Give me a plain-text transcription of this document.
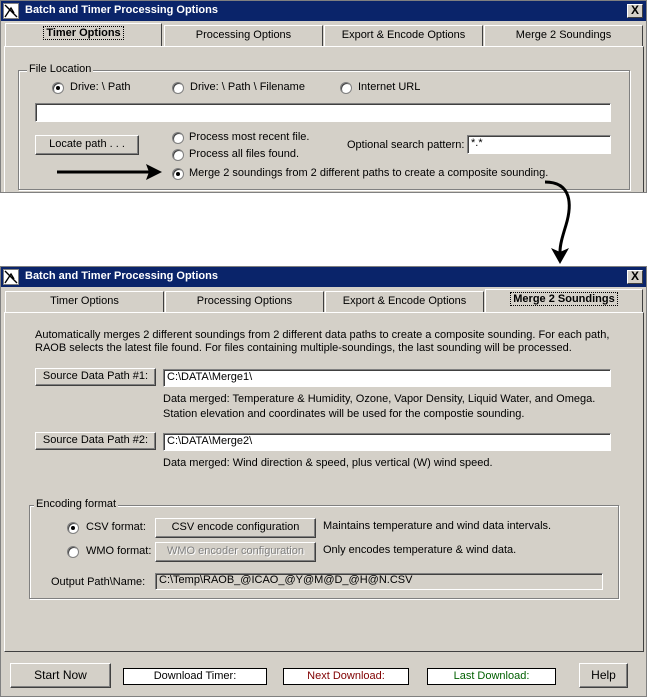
Batch and Timer Processing Options	X
Timer Options	Processing Options	Export & Encode Options	Merge 2 Soundings
File Location
Drive: \ Path	Drive: \ Path \ Filename	Internet URL
Locate path . . .
Process most recent file.
Process all files found.
Merge 2 soundings from 2 different paths to create a composite sounding.
Optional search pattern: *.*
Batch and Timer Processing Options	X
Timer Options	Processing Options	Export & Encode Options	Merge 2 Soundings
Automatically merges 2 different soundings from 2 different data paths to create a composite sounding. For each path,
RAOB selects the latest file found. For files containing multiple-soundings, the last sounding will be processed.
Source Data Path #1:	C:\DATA\Merge1\
Data merged: Temperature & Humidity, Ozone, Vapor Density, Liquid Water, and Omega.
Station elevation and coordinates will be used for the compostie sounding.
Source Data Path #2:	C:\DATA\Merge2\
Data merged: Wind direction & speed, plus vertical (W) wind speed.
Encoding format
CSV format:	CSV encode configuration	Maintains temperature and wind data intervals.
WMO format:	WMO encoder configuration	Only encodes temperature & wind data.
Output Path\Name:	C:\Temp\RAOB_@ICAO_@Y@M@D_@H@N.CSV
Start Now	Download Timer:	Next Download:	Last Download:	Help
